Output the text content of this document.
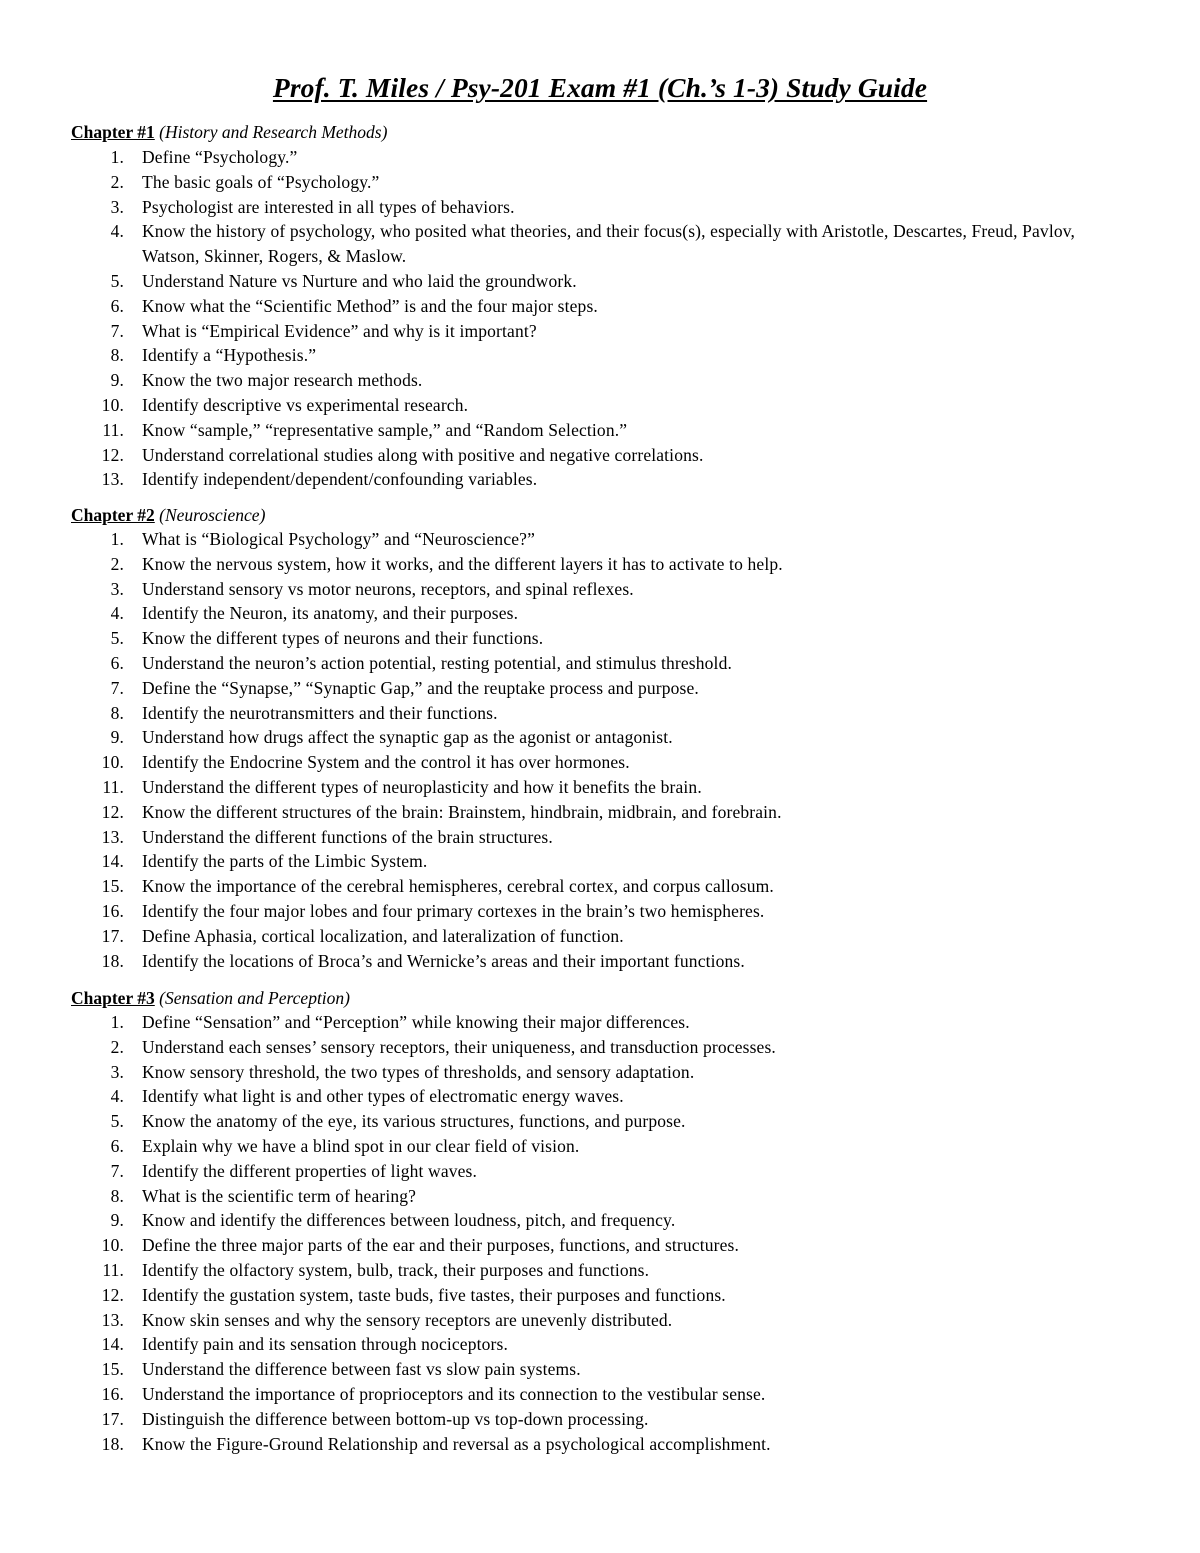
Prof. T. Miles / Psy-201 Exam #1 (Ch.’s 1-3) Study Guide
Chapter #1 (History and Research Methods)
1. Define “Psychology.”
2. The basic goals of “Psychology.”
3. Psychologist are interested in all types of behaviors.
4. Know the history of psychology, who posited what theories, and their focus(s), especially with Aristotle, Descartes, Freud, Pavlov, Watson, Skinner, Rogers, & Maslow.
5. Understand Nature vs Nurture and who laid the groundwork.
6. Know what the “Scientific Method” is and the four major steps.
7. What is “Empirical Evidence” and why is it important?
8. Identify a “Hypothesis.”
9. Know the two major research methods.
10. Identify descriptive vs experimental research.
11. Know “sample,” “representative sample,” and “Random Selection.”
12. Understand correlational studies along with positive and negative correlations.
13. Identify independent/dependent/confounding variables.
Chapter #2 (Neuroscience)
1. What is “Biological Psychology” and “Neuroscience?”
2. Know the nervous system, how it works, and the different layers it has to activate to help.
3. Understand sensory vs motor neurons, receptors, and spinal reflexes.
4. Identify the Neuron, its anatomy, and their purposes.
5. Know the different types of neurons and their functions.
6. Understand the neuron’s action potential, resting potential, and stimulus threshold.
7. Define the “Synapse,” “Synaptic Gap,” and the reuptake process and purpose.
8. Identify the neurotransmitters and their functions.
9. Understand how drugs affect the synaptic gap as the agonist or antagonist.
10. Identify the Endocrine System and the control it has over hormones.
11. Understand the different types of neuroplasticity and how it benefits the brain.
12. Know the different structures of the brain: Brainstem, hindbrain, midbrain, and forebrain.
13. Understand the different functions of the brain structures.
14. Identify the parts of the Limbic System.
15. Know the importance of the cerebral hemispheres, cerebral cortex, and corpus callosum.
16. Identify the four major lobes and four primary cortexes in the brain’s two hemispheres.
17. Define Aphasia, cortical localization, and lateralization of function.
18. Identify the locations of Broca’s and Wernicke’s areas and their important functions.
Chapter #3 (Sensation and Perception)
1. Define “Sensation” and “Perception” while knowing their major differences.
2. Understand each senses’ sensory receptors, their uniqueness, and transduction processes.
3. Know sensory threshold, the two types of thresholds, and sensory adaptation.
4. Identify what light is and other types of electromatic energy waves.
5. Know the anatomy of the eye, its various structures, functions, and purpose.
6. Explain why we have a blind spot in our clear field of vision.
7. Identify the different properties of light waves.
8. What is the scientific term of hearing?
9. Know and identify the differences between loudness, pitch, and frequency.
10. Define the three major parts of the ear and their purposes, functions, and structures.
11. Identify the olfactory system, bulb, track, their purposes and functions.
12. Identify the gustation system, taste buds, five tastes, their purposes and functions.
13. Know skin senses and why the sensory receptors are unevenly distributed.
14. Identify pain and its sensation through nociceptors.
15. Understand the difference between fast vs slow pain systems.
16. Understand the importance of proprioceptors and its connection to the vestibular sense.
17. Distinguish the difference between bottom-up vs top-down processing.
18. Know the Figure-Ground Relationship and reversal as a psychological accomplishment.
